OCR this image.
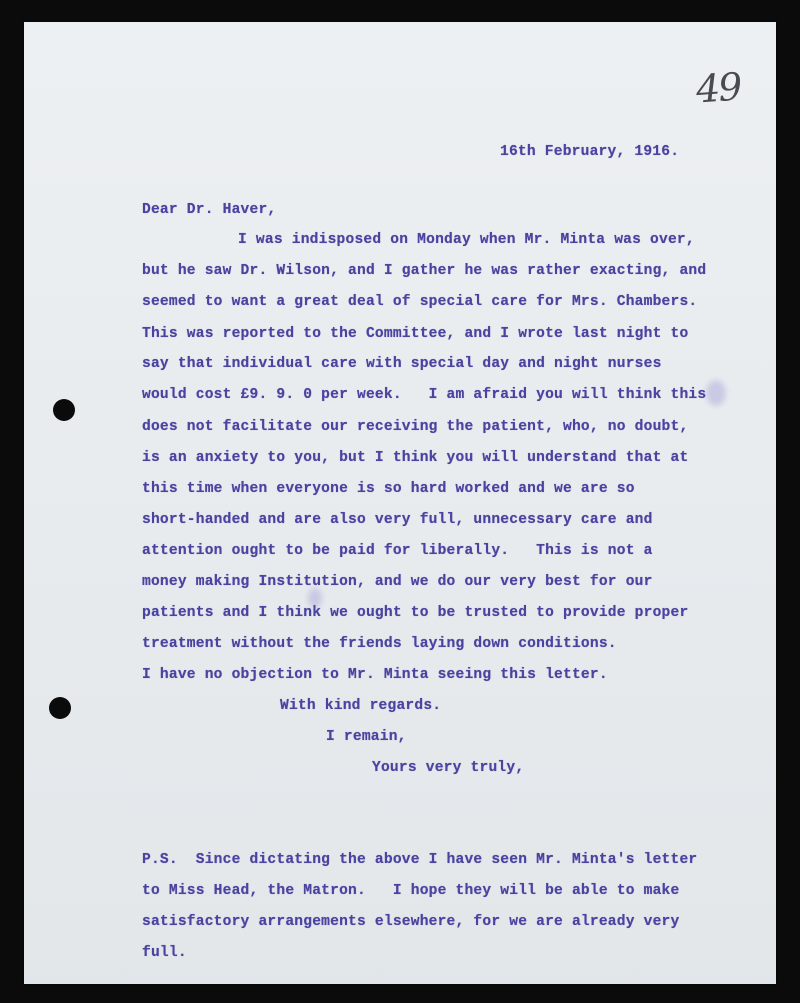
49
16th February, 1916.
Dear Dr. Haver,
I was indisposed on Monday when Mr. Minta was over,
but he saw Dr. Wilson, and I gather he was rather exacting, and
seemed to want a great deal of special care for Mrs. Chambers.
This was reported to the Committee, and I wrote last night to
say that individual care with special day and night nurses
would cost £9. 9. 0 per week.   I am afraid you will think this
does not facilitate our receiving the patient, who, no doubt,
is an anxiety to you, but I think you will understand that at
this time when everyone is so hard worked and we are so
short-handed and are also very full, unnecessary care and
attention ought to be paid for liberally.   This is not a
money making Institution, and we do our very best for our
patients and I think we ought to be trusted to provide proper
treatment without the friends laying down conditions.
I have no objection to Mr. Minta seeing this letter.
With kind regards.
I remain,
Yours very truly,
P.S.  Since dictating the above I have seen Mr. Minta's letter
to Miss Head, the Matron.   I hope they will be able to make
satisfactory arrangements elsewhere, for we are already very
full.
